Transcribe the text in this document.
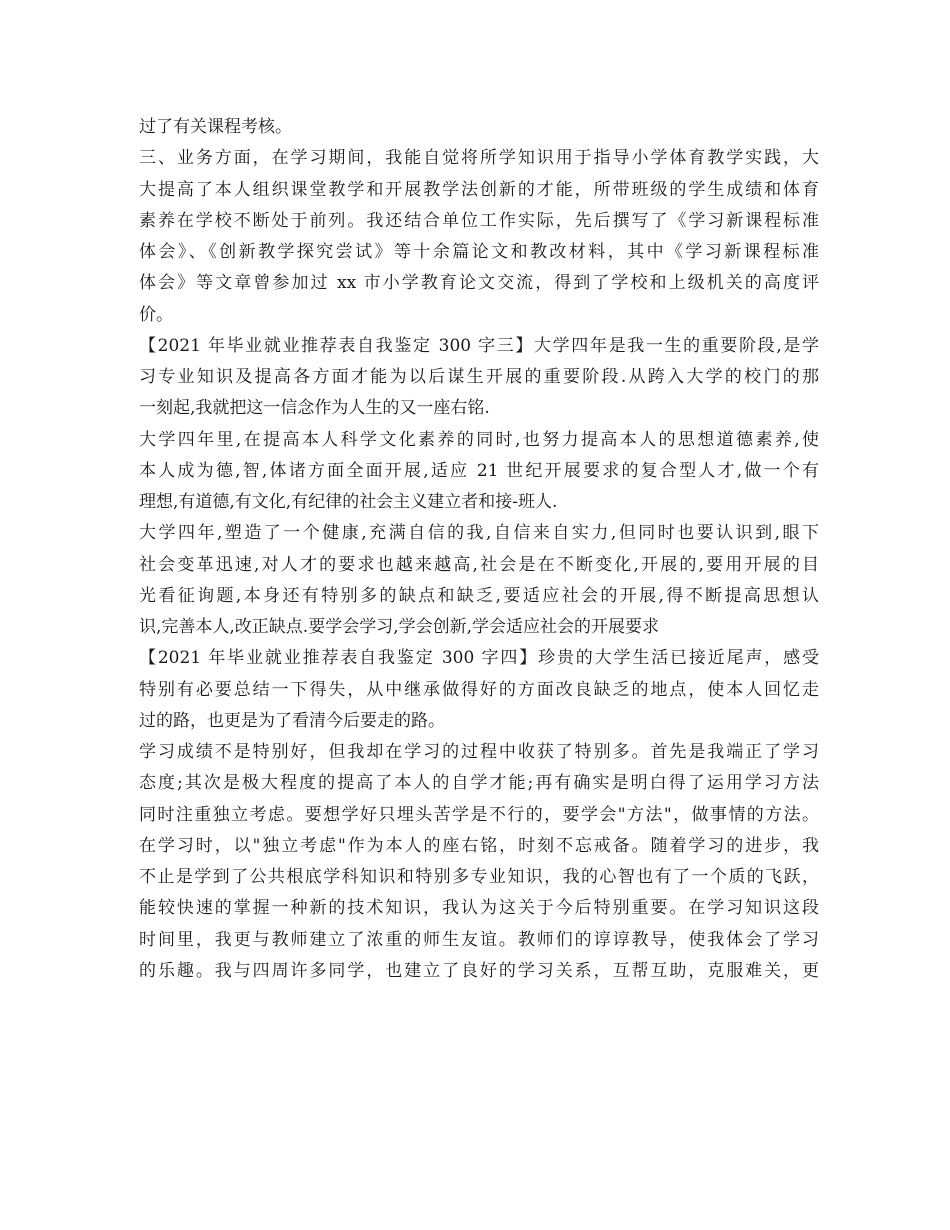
过了有关课程考核。
三、业务方面，在学习期间，我能自觉将所学知识用于指导小学体育教学实践，大
大提高了本人组织课堂教学和开展教学法创新的才能，所带班级的学生成绩和体育
素养在学校不断处于前列。我还结合单位工作实际，先后撰写了《学习新课程标准
体会》、《创新教学探究尝试》等十余篇论文和教改材料，其中《学习新课程标准
体会》等文章曾参加过 xx 市小学教育论文交流，得到了学校和上级机关的高度评
价。
【2021 年毕业就业推荐表自我鉴定 300 字三】大学四年是我一生的重要阶段,是学
习专业知识及提高各方面才能为以后谋生开展的重要阶段.从跨入大学的校门的那
一刻起,我就把这一信念作为人生的又一座右铭.
大学四年里,在提高本人科学文化素养的同时,也努力提高本人的思想道德素养,使
本人成为德,智,体诸方面全面开展,适应 21 世纪开展要求的复合型人才,做一个有
理想,有道德,有文化,有纪律的社会主义建立者和接-班人.
大学四年,塑造了一个健康,充满自信的我,自信来自实力,但同时也要认识到,眼下
社会变革迅速,对人才的要求也越来越高,社会是在不断变化,开展的,要用开展的目
光看征询题,本身还有特别多的缺点和缺乏,要适应社会的开展,得不断提高思想认
识,完善本人,改正缺点.要学会学习,学会创新,学会适应社会的开展要求
【2021 年毕业就业推荐表自我鉴定 300 字四】珍贵的大学生活已接近尾声，感受
特别有必要总结一下得失，从中继承做得好的方面改良缺乏的地点，使本人回忆走
过的路，也更是为了看清今后要走的路。
学习成绩不是特别好，但我却在学习的过程中收获了特别多。首先是我端正了学习
态度;其次是极大程度的提高了本人的自学才能;再有确实是明白得了运用学习方法
同时注重独立考虑。要想学好只埋头苦学是不行的，要学会"方法"，做事情的方法。
在学习时，以"独立考虑"作为本人的座右铭，时刻不忘戒备。随着学习的进步，我
不止是学到了公共根底学科知识和特别多专业知识，我的心智也有了一个质的飞跃，
能较快速的掌握一种新的技术知识，我认为这关于今后特别重要。在学习知识这段
时间里，我更与教师建立了浓重的师生友谊。教师们的谆谆教导，使我体会了学习
的乐趣。我与四周许多同学，也建立了良好的学习关系，互帮互助，克服难关，更
